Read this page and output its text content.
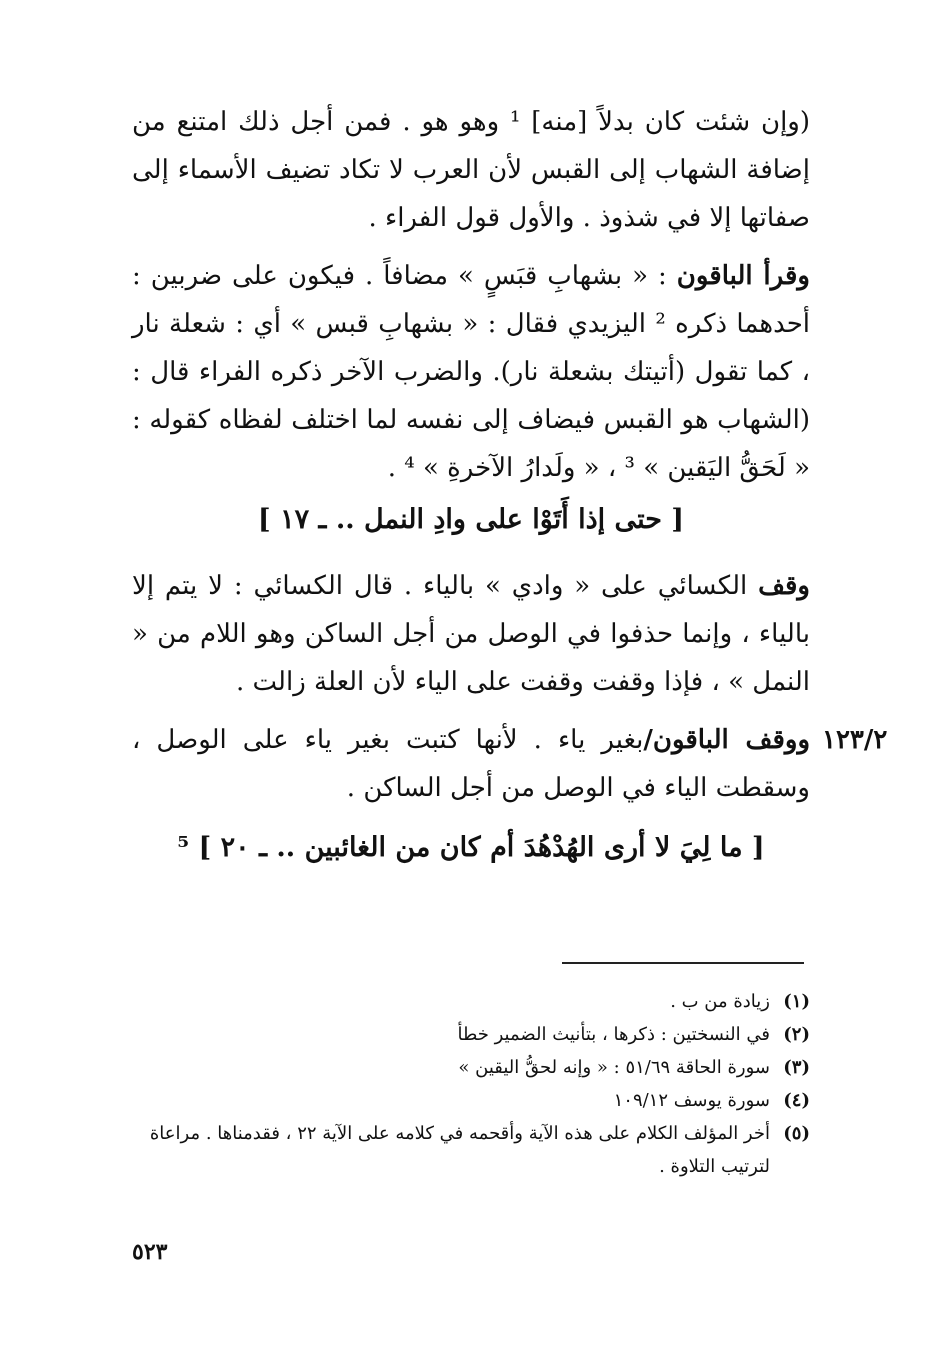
(وإن شئت كان بدلاً [منه] ¹ وهو هو . فمن أجل ذلك امتنع من إضافة الشهاب إلى القبس لأن العرب لا تكاد تضيف الأسماء إلى صفاتها إلا في شذوذ . والأول قول الفراء .

وقرأ الباقون : « بشهابِ قبَسٍ » مضافاً . فيكون على ضربين : أحدهما ذكره ² اليزيدي فقال : « بشهابِ قبس » أي : شعلة نار ، كما تقول (أتيتك بشعلة نار). والضرب الآخر ذكره الفراء قال : (الشهاب هو القبس فيضاف إلى نفسه لما اختلف لفظاه كقوله : « لَحَقُّ اليَقين » ³ ، « ولَدارُ الآخرةِ » ⁴ .

[ حتى إذا أَتَوْا على وادِ النمل .. ـ ١٧ ]

وقف الكسائي على « وادي » بالياء . قال الكسائي : لا يتم إلا بالياء ، وإنما حذفوا في الوصل من أجل الساكن وهو اللام من « النمل » ، فإذا وقفت وقفت على الياء لأن العلة زالت .

١٢٣/٢

ووقف الباقون/بغير ياء . لأنها كتبت بغير ياء على الوصل ، وسقطت الياء في الوصل من أجل الساكن .

[ ما لِيَ لا أرى الهُدْهُدَ أم كان من الغائبين .. ـ ٢٠ ] ⁵
(١)
زيادة من ب .
(٢)
في النسختين : ذكرها ، بتأنيث الضمير خطأ
(٣)
سورة الحاقة ٥١/٦٩ : « وإنه لحقُّ اليقين »
(٤)
سورة يوسف ١٠٩/١٢
(٥)
أخر المؤلف الكلام على هذه الآية وأقحمه في كلامه على الآية ٢٢ ، فقدمناها . مراعاة لترتيب التلاوة .
٥٢٣
